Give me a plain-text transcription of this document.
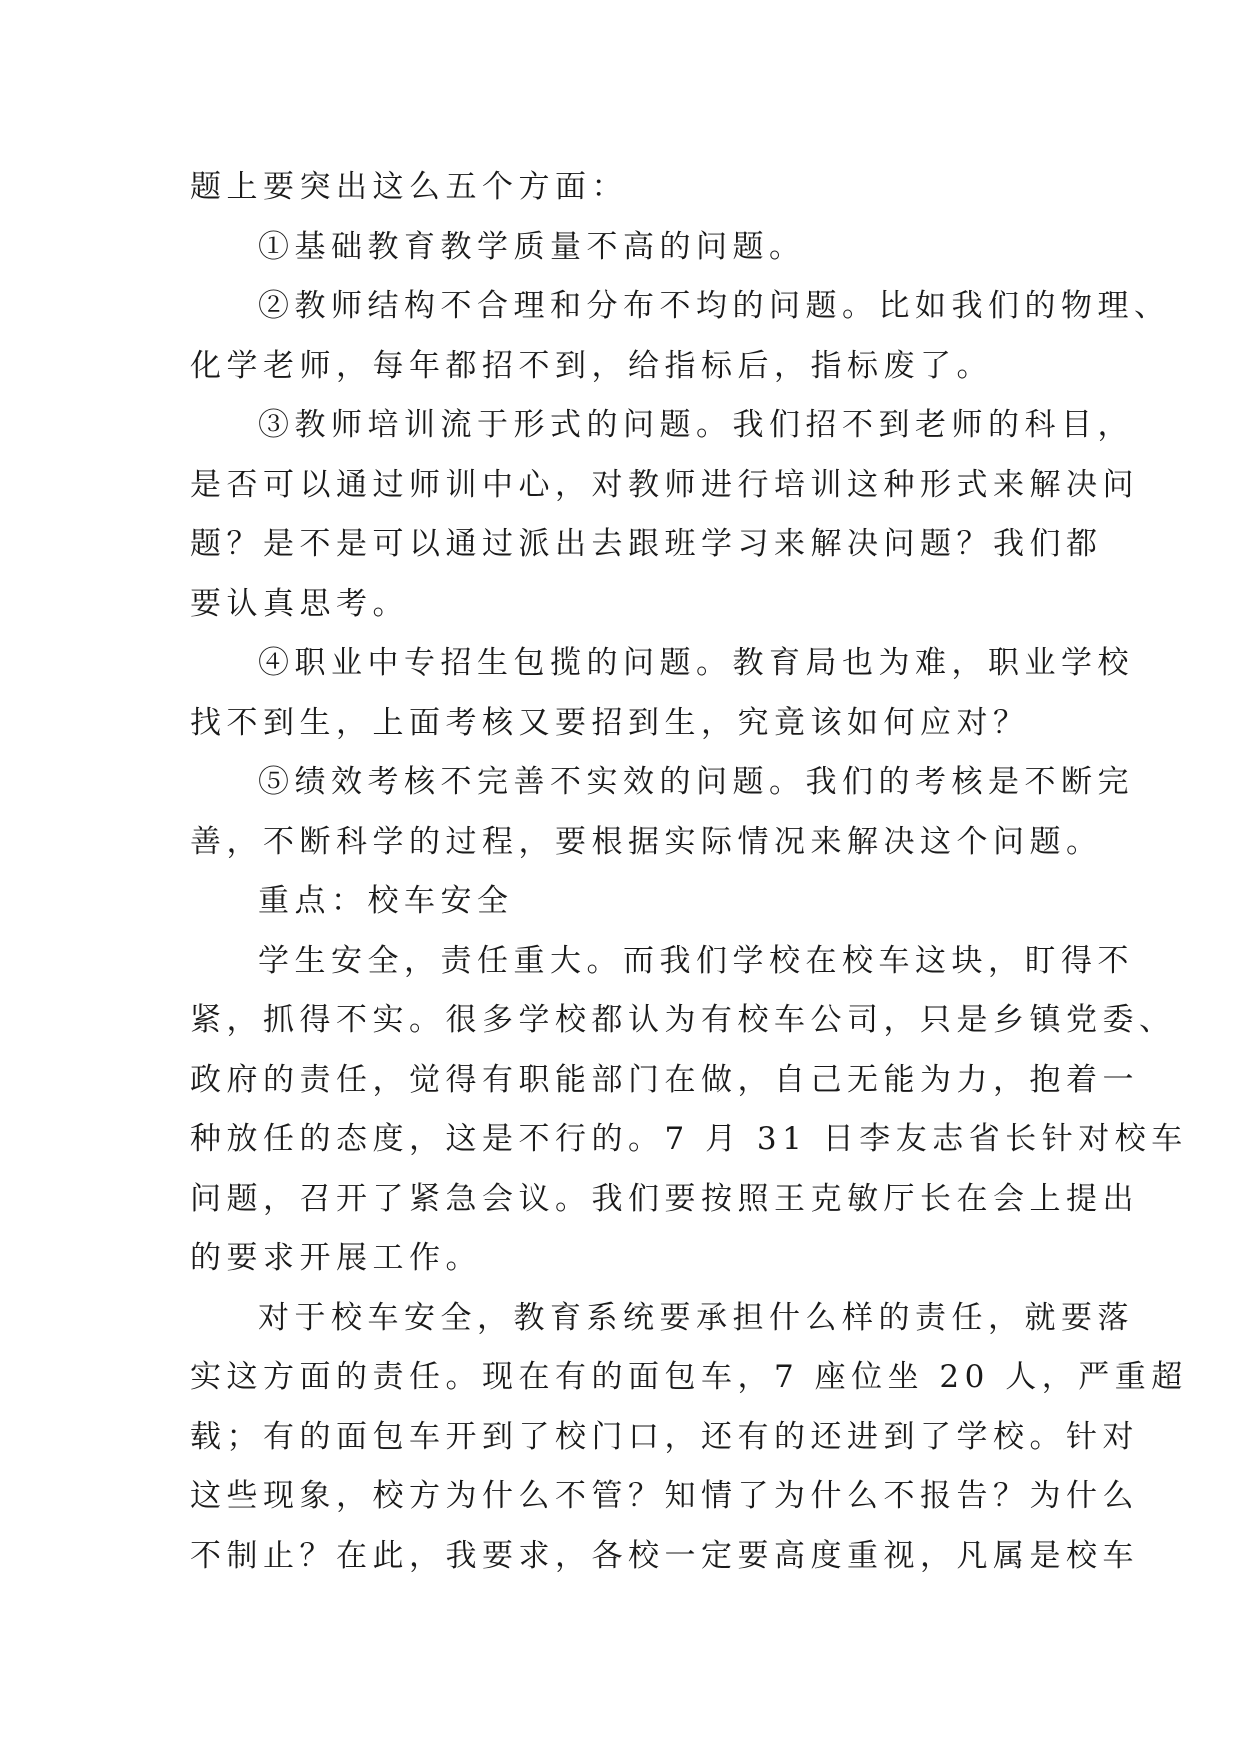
题上要突出这么五个方面：
①基础教育教学质量不高的问题。
②教师结构不合理和分布不均的问题。比如我们的物理、
化学老师，每年都招不到，给指标后，指标废了。
③教师培训流于形式的问题。我们招不到老师的科目，
是否可以通过师训中心，对教师进行培训这种形式来解决问
题？是不是可以通过派出去跟班学习来解决问题？我们都
要认真思考。
④职业中专招生包揽的问题。教育局也为难，职业学校
找不到生，上面考核又要招到生，究竟该如何应对？
⑤绩效考核不完善不实效的问题。我们的考核是不断完
善，不断科学的过程，要根据实际情况来解决这个问题。
重点：校车安全
学生安全，责任重大。而我们学校在校车这块，盯得不
紧，抓得不实。很多学校都认为有校车公司，只是乡镇党委、
政府的责任，觉得有职能部门在做，自己无能为力，抱着一
种放任的态度，这是不行的。7 月 31 日李友志省长针对校车
问题，召开了紧急会议。我们要按照王克敏厅长在会上提出
的要求开展工作。
对于校车安全，教育系统要承担什么样的责任，就要落
实这方面的责任。现在有的面包车，7 座位坐 20 人，严重超
载；有的面包车开到了校门口，还有的还进到了学校。针对
这些现象，校方为什么不管？知情了为什么不报告？为什么
不制止？在此，我要求，各校一定要高度重视，凡属是校车
